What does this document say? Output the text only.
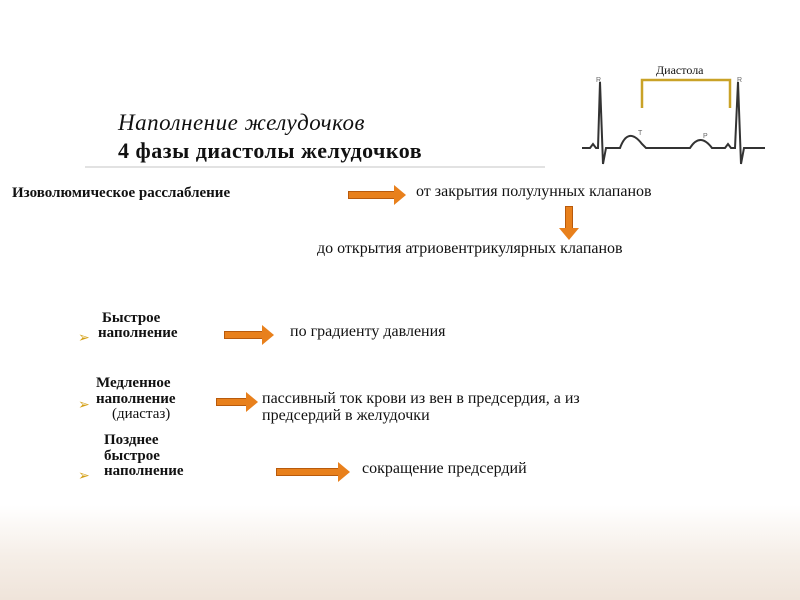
Диастола
R
T	P
R
Наполнение желудочков
4 фазы диастолы желудочков
Изоволюмическое расслабление	от закрытия полулунных клапанов
до открытия атриовентрикулярных клапанов
➢
Быстрое
наполнение	по градиенту давления
➢
Медленное
наполнение
(диастаз)
пассивный ток крови из вен в предсердия, а из
предсердий в желудочки
➢
Позднее
быстрое
наполнение	сокращение предсердий
